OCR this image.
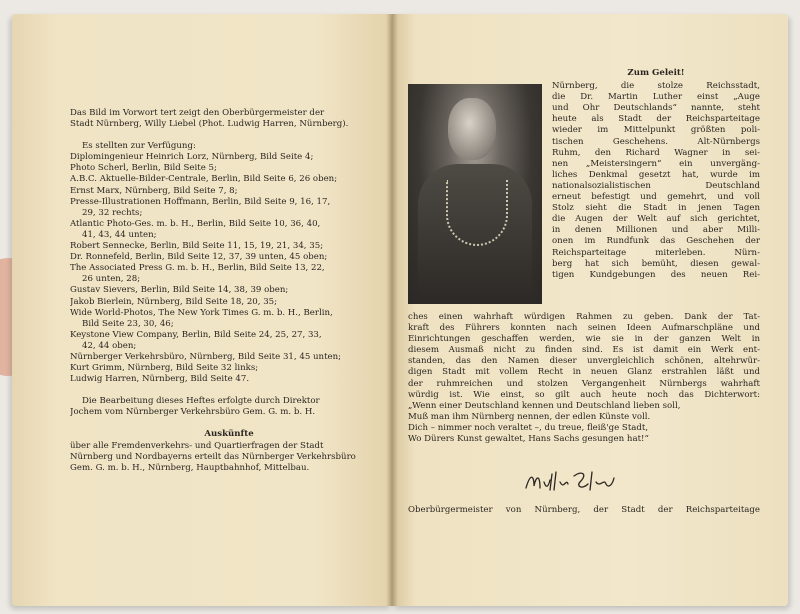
Das Bild im Vorwort tert zeigt den Oberbürgermeister der

Stadt Nürnberg, Willy Liebel (Phot. Ludwig Harren, Nürnberg).

Es stellten zur Verfügung:

Diplomingenieur Heinrich Lorz, Nürnberg, Bild Seite 4;

Photo Scherl, Berlin, Bild Seite 5;

A.B.C. Aktuelle-Bilder-Centrale, Berlin, Bild Seite 6, 26 oben;

Ernst Marx, Nürnberg, Bild Seite 7, 8;

Presse-Illustrationen Hoffmann, Berlin, Bild Seite 9, 16, 17,

29, 32 rechts;

Atlantic Photo-Ges. m. b. H., Berlin, Bild Seite 10, 36, 40,

41, 43, 44 unten;

Robert Sennecke, Berlin, Bild Seite 11, 15, 19, 21, 34, 35;

Dr. Ronnefeld, Berlin, Bild Seite 12, 37, 39 unten, 45 oben;

The Associated Press G. m. b. H., Berlin, Bild Seite 13, 22,

26 unten, 28;

Gustav Sievers, Berlin, Bild Seite 14, 38, 39 oben;

Jakob Bierlein, Nürnberg, Bild Seite 18, 20, 35;

Wide World-Photos, The New York Times G. m. b. H., Berlin,

Bild Seite 23, 30, 46;

Keystone View Company, Berlin, Bild Seite 24, 25, 27, 33,

42, 44 oben;

Nürnberger Verkehrsbüro, Nürnberg, Bild Seite 31, 45 unten;

Kurt Grimm, Nürnberg, Bild Seite 32 links;

Ludwig Harren, Nürnberg, Bild Seite 47.

Die Bearbeitung dieses Heftes erfolgte durch Direktor

Jochem vom Nürnberger Verkehrsbüro Gem. G. m. b. H.

Auskünfte

über alle Fremdenverkehrs- und Quartierfragen der Stadt

Nürnberg und Nordbayerns erteilt das Nürnberger Verkehrsbüro

Gem. G. m. b. H., Nürnberg, Hauptbahnhof, Mittelbau.

Zum Geleit!

Nürnberg, die stolze Reichsstadt,

die Dr. Martin Luther einst „Auge

und Ohr Deutschlands“ nannte, steht

heute als Stadt der Reichsparteitage

wieder im Mittelpunkt größten poli-

tischen Geschehens. Alt-Nürnbergs

Ruhm, den Richard Wagner in sei-

nen „Meistersingern“ ein unvergäng-

liches Denkmal gesetzt hat, wurde im

nationalsozialistischen Deutschland

erneut befestigt und gemehrt, und voll

Stolz sieht die Stadt in jenen Tagen

die Augen der Welt auf sich gerichtet,

in denen Millionen und aber Milli-

onen im Rundfunk das Geschehen der

Reichsparteitage miterleben. Nürn-

berg hat sich bemüht, diesen gewal-

tigen Kundgebungen des neuen Rei-

ches einen wahrhaft würdigen Rahmen zu geben. Dank der Tat-

kraft des Führers konnten nach seinen Ideen Aufmarschpläne und

Einrichtungen geschaffen werden, wie sie in der ganzen Welt in

diesem Ausmaß nicht zu finden sind. Es ist damit ein Werk ent-

standen, das den Namen dieser unvergleichlich schönen, altehrwür-

digen Stadt mit vollem Recht in neuen Glanz erstrahlen läßt und

der ruhmreichen und stolzen Vergangenheit Nürnbergs wahrhaft

würdig ist. Wie einst, so gilt auch heute noch das Dichterwort:

„Wenn einer Deutschland kennen und Deutschland lieben soll,

Muß man ihm Nürnberg nennen, der edlen Künste voll.

Dich – nimmer noch veraltet –, du treue, fleiß'ge Stadt,

Wo Dürers Kunst gewaltet, Hans Sachs gesungen hat!“

Oberbürgermeister von Nürnberg, der Stadt der Reichsparteitage
